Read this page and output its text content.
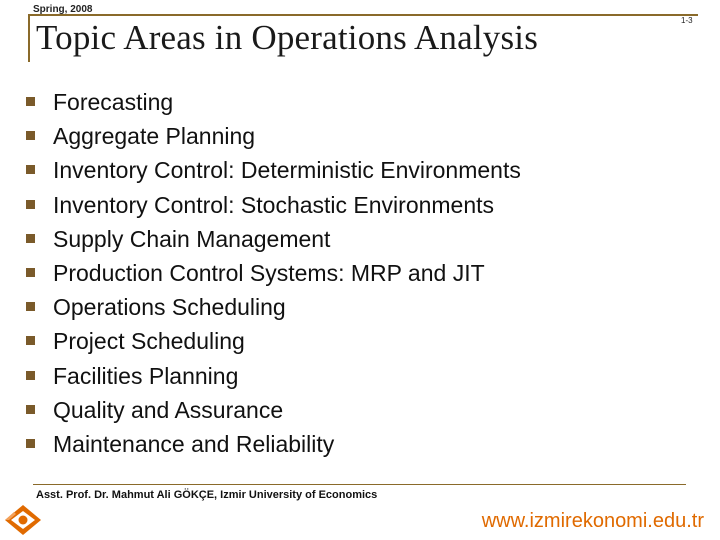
Spring, 2008
Topic Areas in Operations Analysis	1-3
Forecasting
Aggregate Planning
Inventory Control: Deterministic Environments
Inventory Control: Stochastic Environments
Supply Chain Management
Production Control Systems: MRP and JIT
Operations Scheduling
Project Scheduling
Facilities Planning
Quality and Assurance
Maintenance and Reliability
Asst. Prof. Dr. Mahmut Ali GÖKÇE, Izmir University of Economics
www.izmirekonomi.edu.tr
